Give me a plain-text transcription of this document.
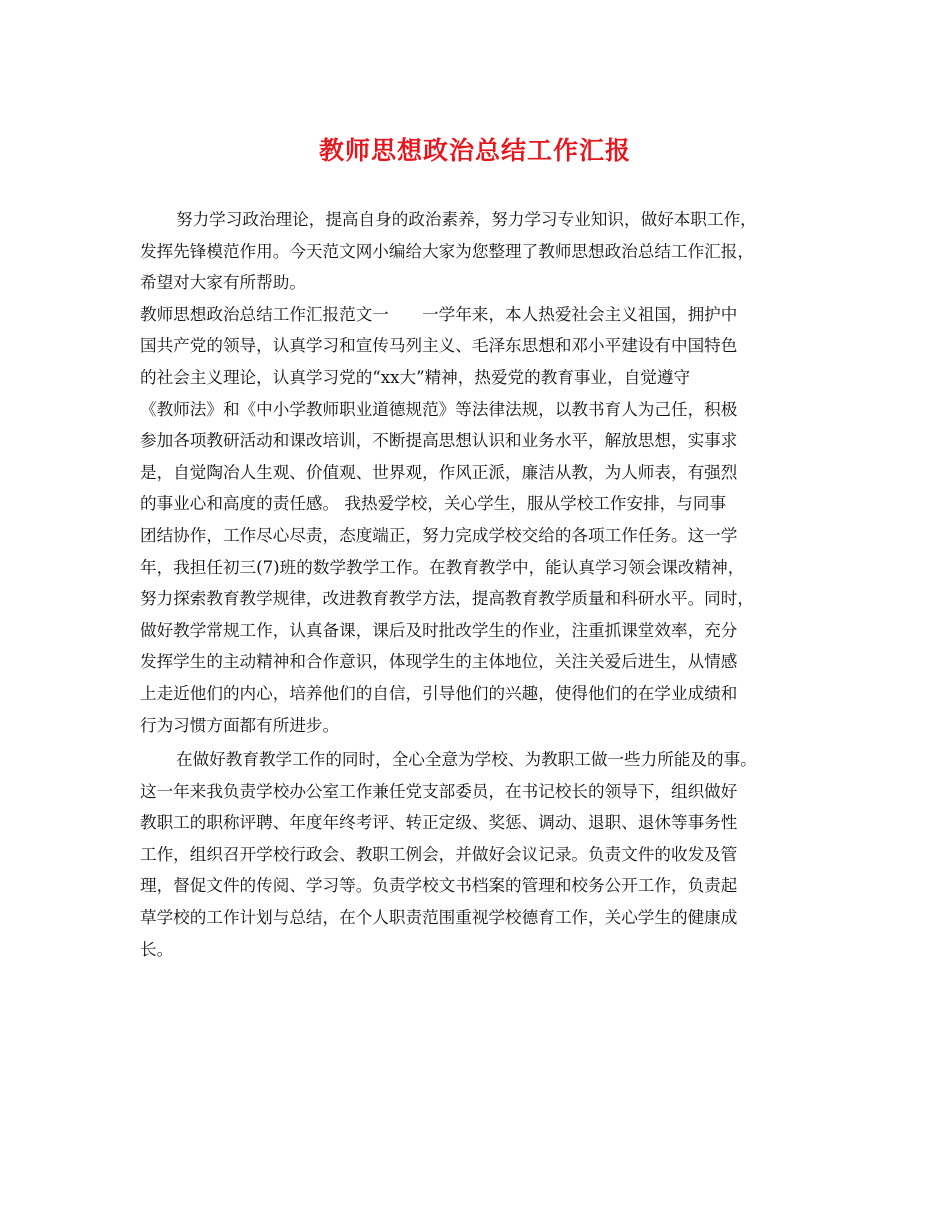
教师思想政治总结工作汇报
努力学习政治理论，提高自身的政治素养，努力学习专业知识，做好本职工作，
发挥先锋模范作用。今天范文网小编给大家为您整理了教师思想政治总结工作汇报，
希望对大家有所帮助。
教师思想政治总结工作汇报范文一　　一学年来，本人热爱社会主义祖国，拥护中
国共产党的领导，认真学习和宣传马列主义、毛泽东思想和邓小平建设有中国特色
的社会主义理论，认真学习党的“xx大”精神，热爱党的教育事业，自觉遵守
《教师法》和《中小学教师职业道德规范》等法律法规，以教书育人为己任，积极
参加各项教研活动和课改培训，不断提高思想认识和业务水平，解放思想，实事求
是，自觉陶冶人生观、价值观、世界观，作风正派，廉洁从教，为人师表，有强烈
的事业心和高度的责任感。 我热爱学校，关心学生，服从学校工作安排，与同事
团结协作，工作尽心尽责，态度端正，努力完成学校交给的各项工作任务。这一学
年，我担任初三(7)班的数学教学工作。在教育教学中，能认真学习领会课改精神，
努力探索教育教学规律，改进教育教学方法，提高教育教学质量和科研水平。同时，
做好教学常规工作，认真备课，课后及时批改学生的作业，注重抓课堂效率，充分
发挥学生的主动精神和合作意识，体现学生的主体地位，关注关爱后进生，从情感
上走近他们的内心，培养他们的自信，引导他们的兴趣，使得他们的在学业成绩和
行为习惯方面都有所进步。
在做好教育教学工作的同时，全心全意为学校、为教职工做一些力所能及的事。
这一年来我负责学校办公室工作兼任党支部委员，在书记校长的领导下，组织做好
教职工的职称评聘、年度年终考评、转正定级、奖惩、调动、退职、退休等事务性
工作，组织召开学校行政会、教职工例会，并做好会议记录。负责文件的收发及管
理，督促文件的传阅、学习等。负责学校文书档案的管理和校务公开工作，负责起
草学校的工作计划与总结，在个人职责范围重视学校德育工作，关心学生的健康成
长。
